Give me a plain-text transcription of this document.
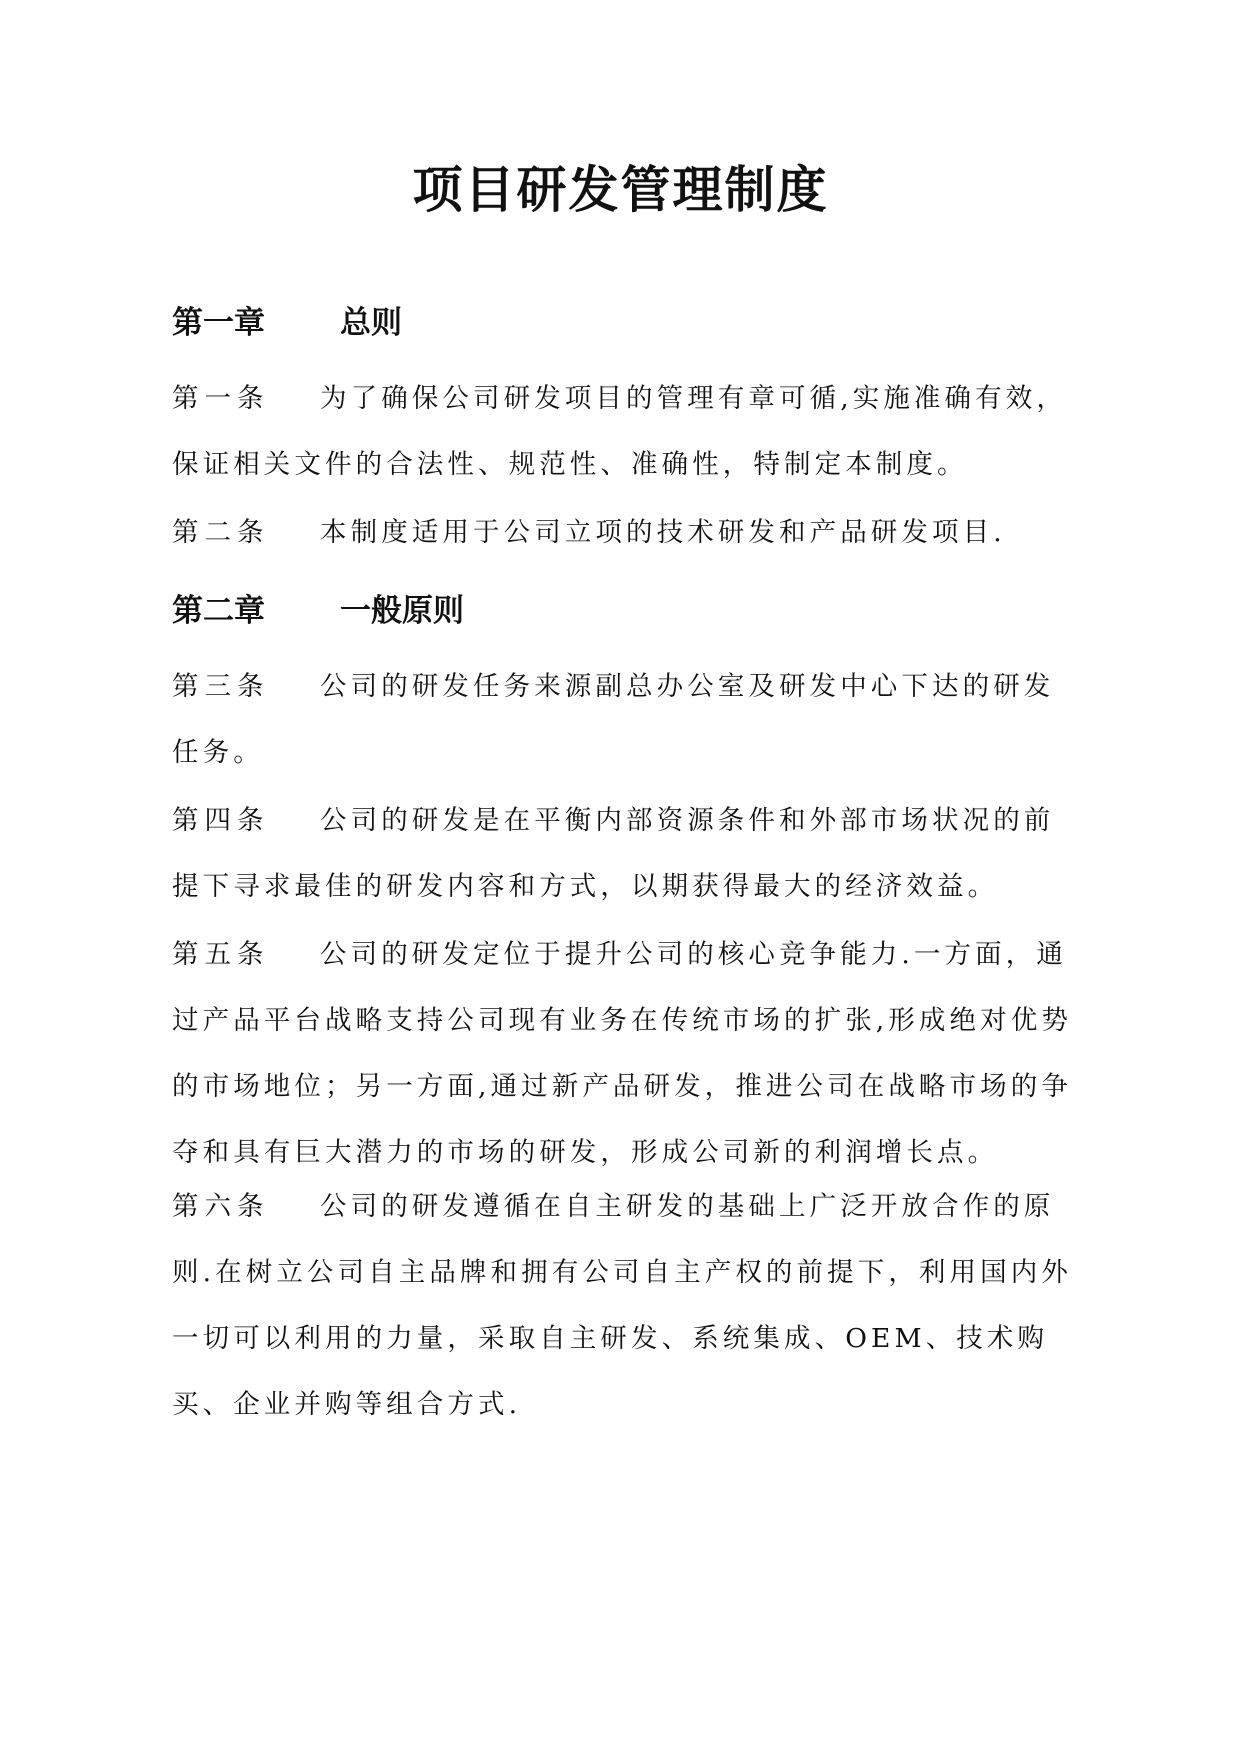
项目研发管理制度
第一章 总则
第一条 为了确保公司研发项目的管理有章可循,实施准确有效，保证相关文件的合法性、规范性、准确性，特制定本制度。
第二条 本制度适用于公司立项的技术研发和产品研发项目.
第二章 一般原则
第三条 公司的研发任务来源副总办公室及研发中心下达的研发任务。
第四条 公司的研发是在平衡内部资源条件和外部市场状况的前提下寻求最佳的研发内容和方式，以期获得最大的经济效益。
第五条 公司的研发定位于提升公司的核心竞争能力.一方面，通过产品平台战略支持公司现有业务在传统市场的扩张,形成绝对优势的市场地位；另一方面,通过新产品研发，推进公司在战略市场的争夺和具有巨大潜力的市场的研发，形成公司新的利润增长点。
第六条 公司的研发遵循在自主研发的基础上广泛开放合作的原则.在树立公司自主品牌和拥有公司自主产权的前提下，利用国内外一切可以利用的力量，采取自主研发、系统集成、OEM、技术购买、企业并购等组合方式.
